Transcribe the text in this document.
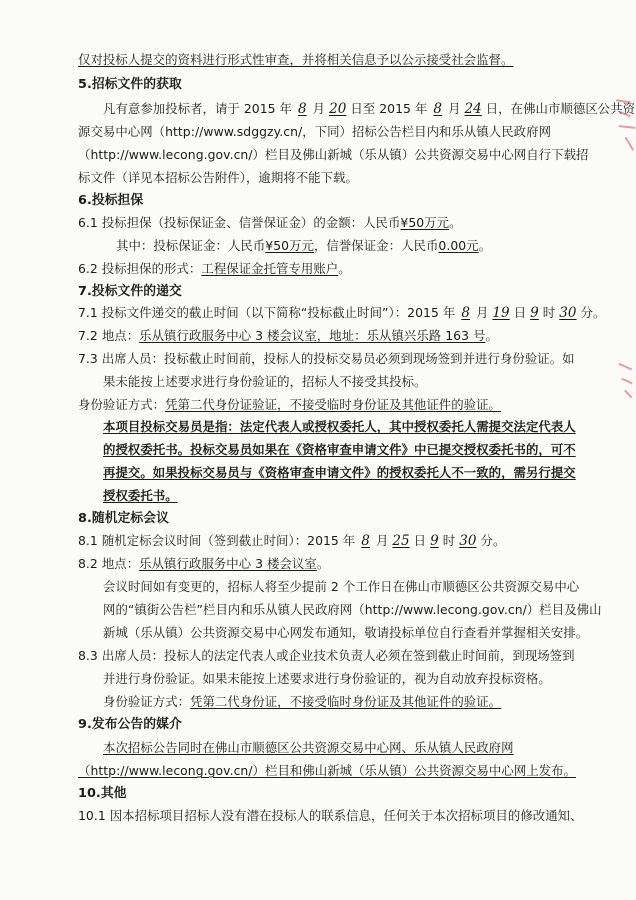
仅对投标人提交的资料进行形式性审查，并将相关信息予以公示接受社会监督。
5.招标文件的获取
凡有意参加投标者，请于 2015 年 8 月 20 日至 2015 年 8 月 24 日，在佛山市顺德区公共资
源交易中心网（http://www.sdggzy.cn/，下同）招标公告栏目内和乐从镇人民政府网
（http://www.lecong.gov.cn/）栏目及佛山新城（乐从镇）公共资源交易中心网自行下载招
标文件（详见本招标公告附件），逾期将不能下载。
6.投标担保
6.1 投标担保（投标保证金、信誉保证金）的金额：人民币¥50万元。
其中：投标保证金：人民币¥50万元，信誉保证金：人民币0.00元。
6.2 投标担保的形式：工程保证金托管专用账户。
7.投标文件的递交
7.1 投标文件递交的截止时间（以下简称“投标截止时间”）：2015 年 8 月 19 日 9 时 30 分。
7.2 地点：乐从镇行政服务中心 3 楼会议室，地址：乐从镇兴乐路 163 号。
7.3 出席人员：投标截止时间前，投标人的投标交易员必须到现场签到并进行身份验证。如
果未能按上述要求进行身份验证的，招标人不接受其投标。
身份验证方式：凭第二代身份证验证，不接受临时身份证及其他证件的验证。
本项目投标交易员是指：法定代表人或授权委托人，其中授权委托人需提交法定代表人
的授权委托书。投标交易员如果在《资格审查申请文件》中已提交授权委托书的，可不
再提交。如果投标交易员与《资格审查申请文件》的授权委托人不一致的，需另行提交
授权委托书。
8.随机定标会议
8.1 随机定标会议时间（签到截止时间）：2015 年 8 月 25 日 9 时 30 分。
8.2 地点：乐从镇行政服务中心 3 楼会议室。
会议时间如有变更的，招标人将至少提前 2 个工作日在佛山市顺德区公共资源交易中心
网的“镇街公告栏”栏目内和乐从镇人民政府网（http://www.lecong.gov.cn/）栏目及佛山
新城（乐从镇）公共资源交易中心网发布通知，敬请投标单位自行查看并掌握相关安排。
8.3 出席人员：投标人的法定代表人或企业技术负责人必须在签到截止时间前，到现场签到
并进行身份验证。如果未能按上述要求进行身份验证的，视为自动放弃投标资格。
身份验证方式：凭第二代身份证，不接受临时身份证及其他证件的验证。
9.发布公告的媒介
本次招标公告同时在佛山市顺德区公共资源交易中心网、乐从镇人民政府网
（http://www.lecong.gov.cn/）栏目和佛山新城（乐从镇）公共资源交易中心网上发布。
10.其他
10.1 因本招标项目招标人没有潜在投标人的联系信息，任何关于本次招标项目的修改通知、
